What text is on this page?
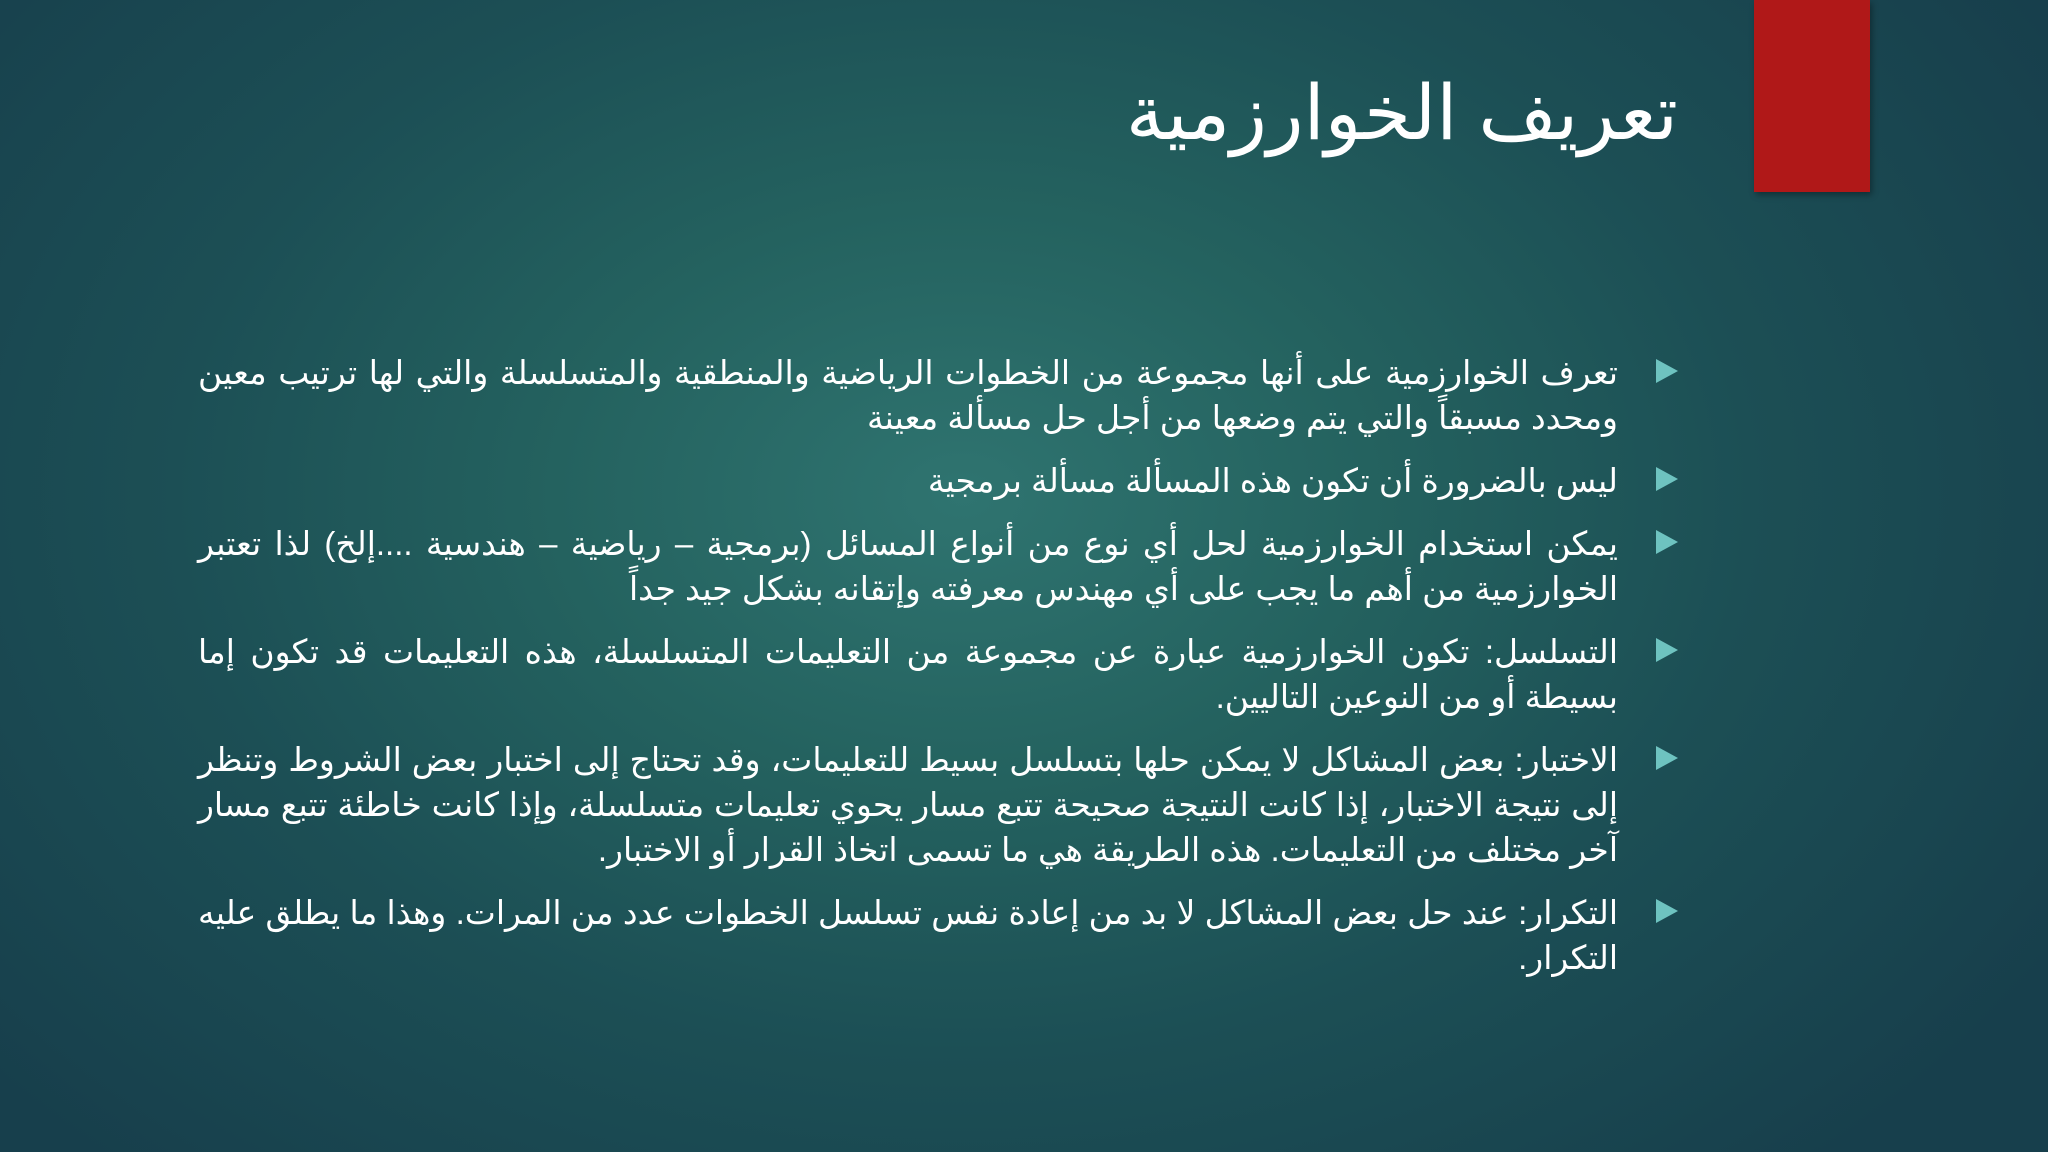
تعريف الخوارزمية
تعرف الخوارزمية على أنها مجموعة من الخطوات الرياضية والمنطقية والمتسلسلة والتي لها ترتيب معين ومحدد مسبقاً والتي يتم وضعها من أجل حل مسألة معينة
ليس بالضرورة أن تكون هذه المسألة مسألة برمجية
يمكن استخدام الخوارزمية لحل أي نوع من أنواع المسائل (برمجية – رياضية – هندسية ....إلخ) لذا تعتبر الخوارزمية من أهم ما يجب على أي مهندس معرفته وإتقانه بشكل جيد جداً
التسلسل: تكون الخوارزمية عبارة عن مجموعة من التعليمات المتسلسلة، هذه التعليمات قد تكون إما بسيطة أو من النوعين التاليين.
الاختبار: بعض المشاكل لا يمكن حلها بتسلسل بسيط للتعليمات، وقد تحتاج إلى اختبار بعض الشروط وتنظر إلى نتيجة الاختبار، إذا كانت النتيجة صحيحة تتبع مسار يحوي تعليمات متسلسلة، وإذا كانت خاطئة تتبع مسار آخر مختلف من التعليمات. هذه الطريقة هي ما تسمى اتخاذ القرار أو الاختبار.
التكرار: عند حل بعض المشاكل لا بد من إعادة نفس تسلسل الخطوات عدد من المرات. وهذا ما يطلق عليه التكرار.
